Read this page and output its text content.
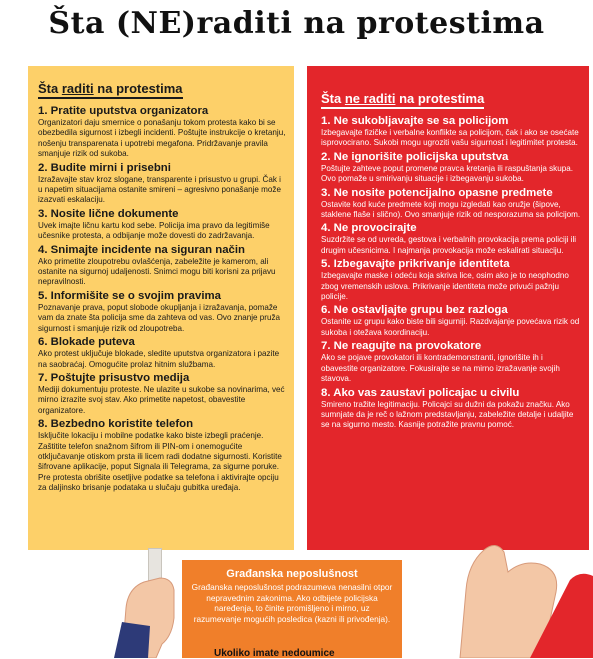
Šta (NE)raditi na protestima
Šta raditi na protestima
1. Pratite uputstva organizatora
Organizatori daju smernice o ponašanju tokom protesta kako bi se obezbedila sigurnost i izbegli incidenti. Poštujte instrukcije o kretanju, nošenju transparenata i upotrebi megafona. Pridržavanje pravila smanjuje rizik od sukoba.
2. Budite mirni i prisebni
Izražavajte stav kroz slogane, transparente i prisustvo u grupi. Čak i u napetim situacijama ostanite smireni – agresivno ponašanje može izazvati eskalaciju.
3. Nosite lične dokumente
Uvek imajte ličnu kartu kod sebe. Policija ima pravo da legitimiše učesnike protesta, a odbijanje može dovesti do zadržavanja.
4. Snimajte incidente na siguran način
Ako primetite zloupotrebu ovlašćenja, zabeležite je kamerom, ali ostanite na sigurnoj udaljenosti. Snimci mogu biti korisni za prijavu nepravilnosti.
5. Informišite se o svojim pravima
Poznavanje prava, poput slobode okupljanja i izražavanja, pomaže vam da znate šta policija sme da zahteva od vas. Ovo znanje pruža sigurnost i smanjuje rizik od zloupotreba.
6. Blokade puteva
Ako protest uključuje blokade, sledite uputstva organizatora i pazite na saobraćaj. Omogućite prolaz hitnim službama.
7. Poštujte prisustvo medija
Mediji dokumentuju proteste. Ne ulazite u sukobe sa novinarima, već mirno izrazite svoj stav. Ako primetite napetost, obavestite organizatore.
8. Bezbedno koristite telefon
Isključite lokaciju i mobilne podatke kako biste izbegli praćenje. Zaštitite telefon snažnom šifrom ili PIN-om i onemogućite otključavanje otiskom prsta ili licem radi dodatne sigurnosti. Koristite šifrovane aplikacije, poput Signala ili Telegrama, za sigurne poruke. Pre protesta obrišite osetljive podatke sa telefona i aktivirajte opciju za daljinsko brisanje podataka u slučaju gubitka uređaja.
Šta ne raditi na protestima
1. Ne sukobljavajte se sa policijom
Izbegavajte fizičke i verbalne konflikte sa policijom, čak i ako se osećate isprovocirano. Sukobi mogu ugroziti vašu sigurnost i legitimitet protesta.
2. Ne ignorišite policijska uputstva
Poštujte zahteve poput promene pravca kretanja ili raspuštanja skupa. Ovo pomaže u smirivanju situacije i izbegavanju sukoba.
3. Ne nosite potencijalno opasne predmete
Ostavite kod kuće predmete koji mogu izgledati kao oružje (šipove, staklene flaše i slično). Ovo smanjuje rizik od nesporazuma sa policijom.
4. Ne provocirajte
Suzdržite se od uvreda, gestova i verbalnih provokacija prema policiji ili drugim učesnicima. I najmanja provokacija može eskalirati situaciju.
5. Izbegavajte prikrivanje identiteta
Izbegavajte maske i odeću koja skriva lice, osim ako je to neophodno zbog vremenskih uslova. Prikrivanje identiteta može privući pažnju policije.
6. Ne ostavljajte grupu bez razloga
Ostanite uz grupu kako biste bili sigurniji. Razdvajanje povećava rizik od sukoba i otežava koordinaciju.
7. Ne reagujte na provokatore
Ako se pojave provokatori ili kontrademonstranti, ignorišite ih i obavestite organizatore. Fokusirajte se na mirno izražavanje svojih stavova.
8. Ako vas zaustavi policajac u civilu
Smireno tražite legitimaciju. Policajci su dužni da pokažu značku. Ako sumnjate da je reč o lažnom predstavljanju, zabeležite detalje i udaljite se na sigurno mesto. Kasnije potražite pravnu pomoć.
Građanska neposlušnost
Građanska neposlušnost podrazumeva nenasilni otpor nepravednim zakonima. Ako odbijete policijska naređenja, to činite promišljeno i mirno, uz razumevanje mogućih posledica (kazni ili privođenja).
Ukoliko imate nedoumice
